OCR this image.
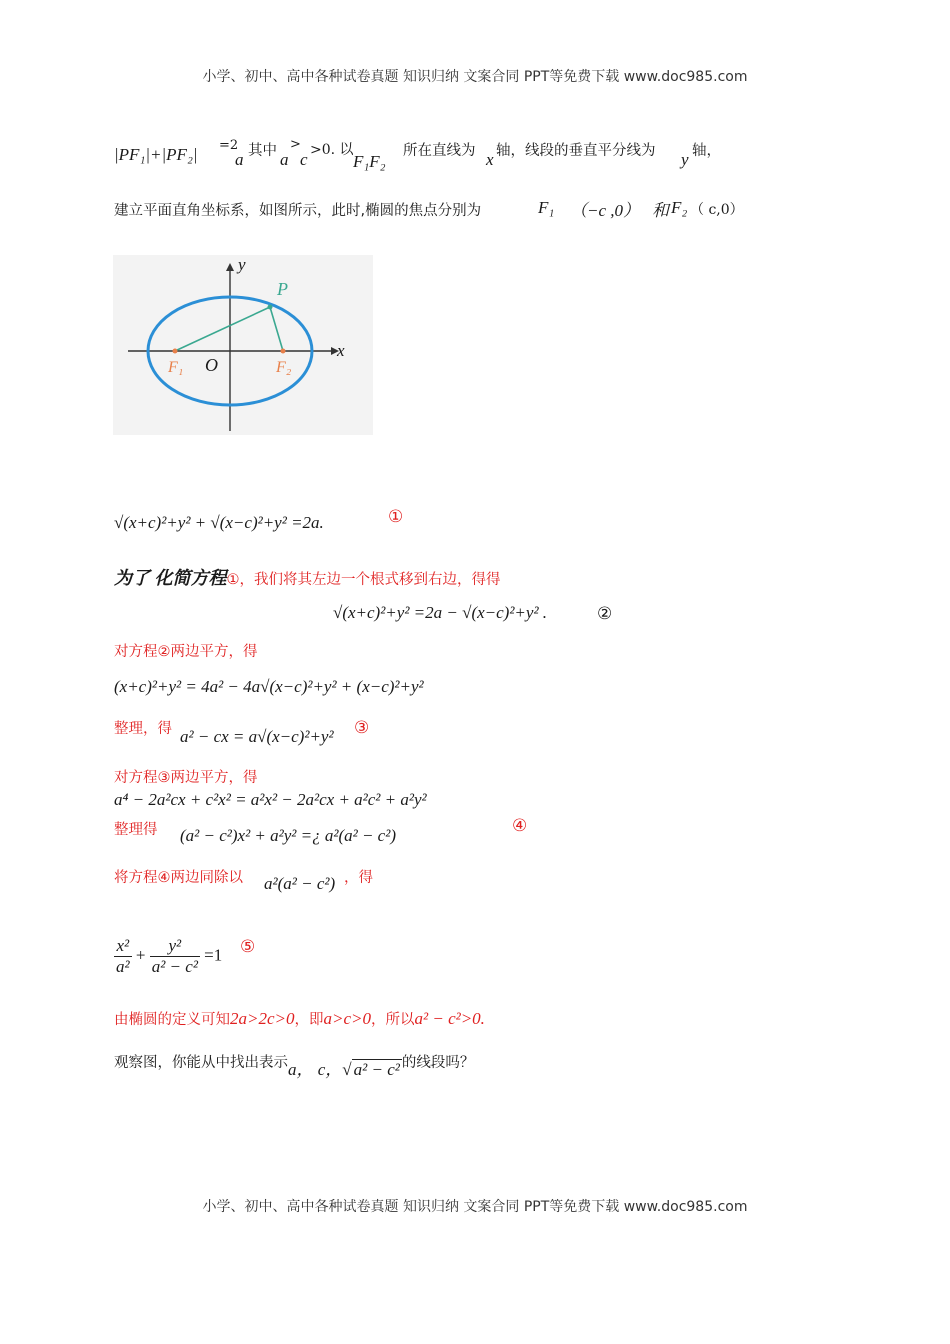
小学、初中、高中各种试卷真题 知识归纳 文案合同 PPT等免费下载 www.doc985.com
小学、初中、高中各种试卷真题 知识归纳 文案合同 PPT等免费下载 www.doc985.com
|PF₁|+|PF₂| =2
a 其中 >
a c >0. 以
F₁F₂
所在直线为 x 轴，线段的垂直平分线为 y 轴，
建立平面直角坐标系，如图所示，此时,椭圆的焦点分别为	F₁ （−c ,0） 和 F₂ （ c,0）
y
x
P
O
F₁	F₂
√(x+c)²+y² + √(x−c)²+y² =2a.	①
为了 化简方程①，我们将其左边一个根式移到右边，得得
√(x+c)²+y² =2a − √(x−c)²+y² .	②
对方程②两边平方，得
(x+c)²+y² = 4a² − 4a√(x−c)²+y² + (x−c)²+y²
整理，得 a² − cx = a√(x−c)²+y² ③
对方程③两边平方，得
a⁴ − 2a²cx + c²x² = a²x² − 2a²cx + a²c² + a²y²
整理得 (a² − c²)x² + a²y² =¿ a²(a² − c²)	④
将方程④两边同除以 a²(a² − c²) ，得
$\frac{\text{x²}}{\text{a²}} + \frac{\text{y²}}{\text{a² − c²}} =1$ ⑤
由椭圆的定义可知2a>2c>0，即a>c>0，所以a² − c²>0.
观察图，你能从中找出表示a， c，√ a² − c² 的线段吗？
